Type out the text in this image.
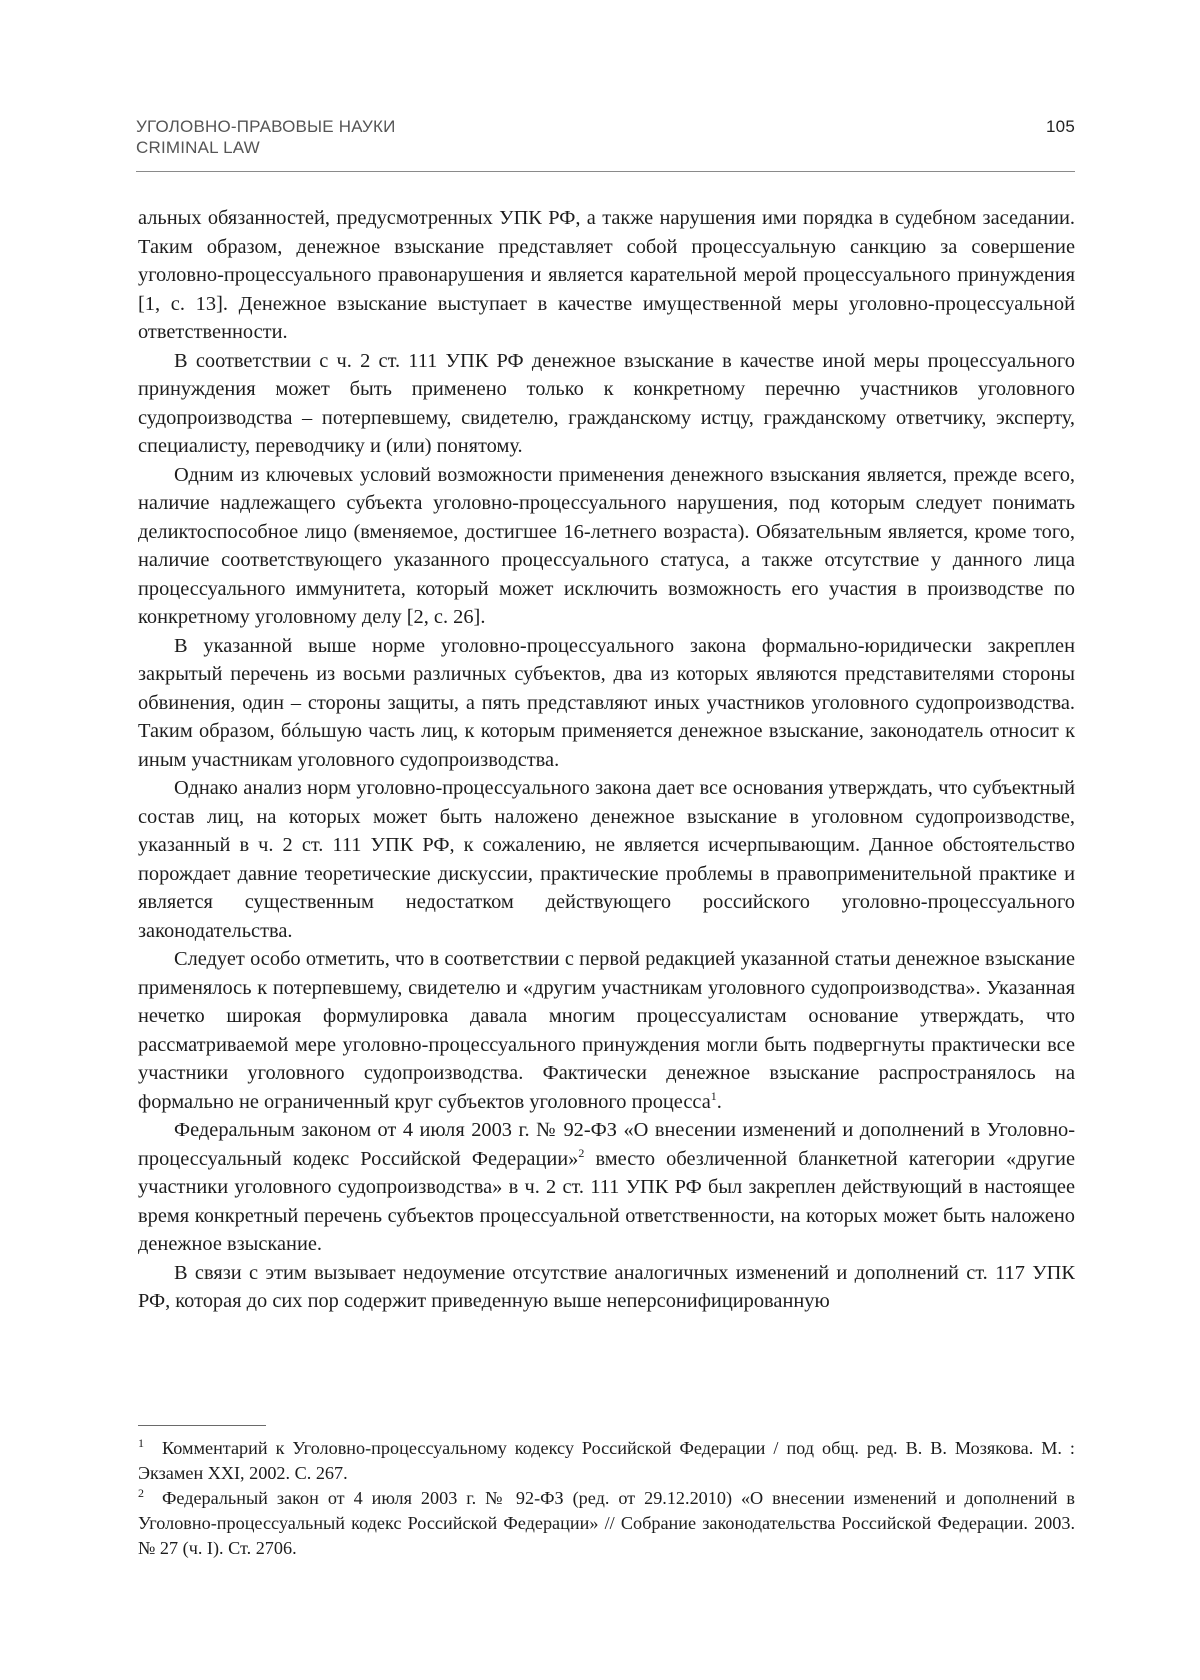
УГОЛОВНО-ПРАВОВЫЕ НАУКИ
CRIMINAL LAW
105

альных обязанностей, предусмотренных УПК РФ, а также нарушения ими порядка в судебном заседании. Таким образом, денежное взыскание представляет собой процессуальную санкцию за совершение уголовно-процессуального правонарушения и является карательной мерой процессуального принуждения [1, с. 13]. Денежное взыскание выступает в качестве имущественной меры уголовно-процессуальной ответственности.

В соответствии с ч. 2 ст. 111 УПК РФ денежное взыскание в качестве иной меры процессуального принуждения может быть применено только к конкретному перечню участников уголовного судопроизводства – потерпевшему, свидетелю, гражданскому истцу, гражданскому ответчику, эксперту, специалисту, переводчику и (или) понятому.

Одним из ключевых условий возможности применения денежного взыскания является, прежде всего, наличие надлежащего субъекта уголовно-процессуального нарушения, под которым следует понимать деликтоспособное лицо (вменяемое, достигшее 16-летнего возраста). Обязательным является, кроме того, наличие соответствующего указанного процессуального статуса, а также отсутствие у данного лица процессуального иммунитета, который может исключить возможность его участия в производстве по конкретному уголовному делу [2, с. 26].

В указанной выше норме уголовно-процессуального закона формально-юридически закреплен закрытый перечень из восьми различных субъектов, два из которых являются представителями стороны обвинения, один – стороны защиты, а пять представляют иных участников уголовного судопроизводства. Таким образом, бóльшую часть лиц, к которым применяется денежное взыскание, законодатель относит к иным участникам уголовного судопроизводства.

Однако анализ норм уголовно-процессуального закона дает все основания утверждать, что субъектный состав лиц, на которых может быть наложено денежное взыскание в уголовном судопроизводстве, указанный в ч. 2 ст. 111 УПК РФ, к сожалению, не является исчерпывающим. Данное обстоятельство порождает давние теоретические дискуссии, практические проблемы в правоприменительной практике и является существенным недостатком действующего российского уголовно-процессуального законодательства.

Следует особо отметить, что в соответствии с первой редакцией указанной статьи денежное взыскание применялось к потерпевшему, свидетелю и «другим участникам уголовного судопроизводства». Указанная нечетко широкая формулировка давала многим процессуалистам основание утверждать, что рассматриваемой мере уголовно-процессуального принуждения могли быть подвергнуты практически все участники уголовного судопроизводства. Фактически денежное взыскание распространялось на формально не ограниченный круг субъектов уголовного процесса$^1$.

Федеральным законом от 4 июля 2003 г. № 92-ФЗ «О внесении изменений и дополнений в Уголовно-процессуальный кодекс Российской Федерации»$^2$ вместо обезличенной бланкетной категории «другие участники уголовного судопроизводства» в ч. 2 ст. 111 УПК РФ был закреплен действующий в настоящее время конкретный перечень субъектов процессуальной ответственности, на которых может быть наложено денежное взыскание.

В связи с этим вызывает недоумение отсутствие аналогичных изменений и дополнений ст. 117 УПК РФ, которая до сих пор содержит приведенную выше неперсонифицированную

1 Комментарий к Уголовно-процессуальному кодексу Российской Федерации / под общ. ред. В. В. Мозякова. М. : Экзамен XXI, 2002. С. 267.

2 Федеральный закон от 4 июля 2003 г. № 92-ФЗ (ред. от 29.12.2010) «О внесении изменений и дополнений в Уголовно-процессуальный кодекс Российской Федерации» // Собрание законодательства Российской Федерации. 2003. № 27 (ч. I). Ст. 2706.
